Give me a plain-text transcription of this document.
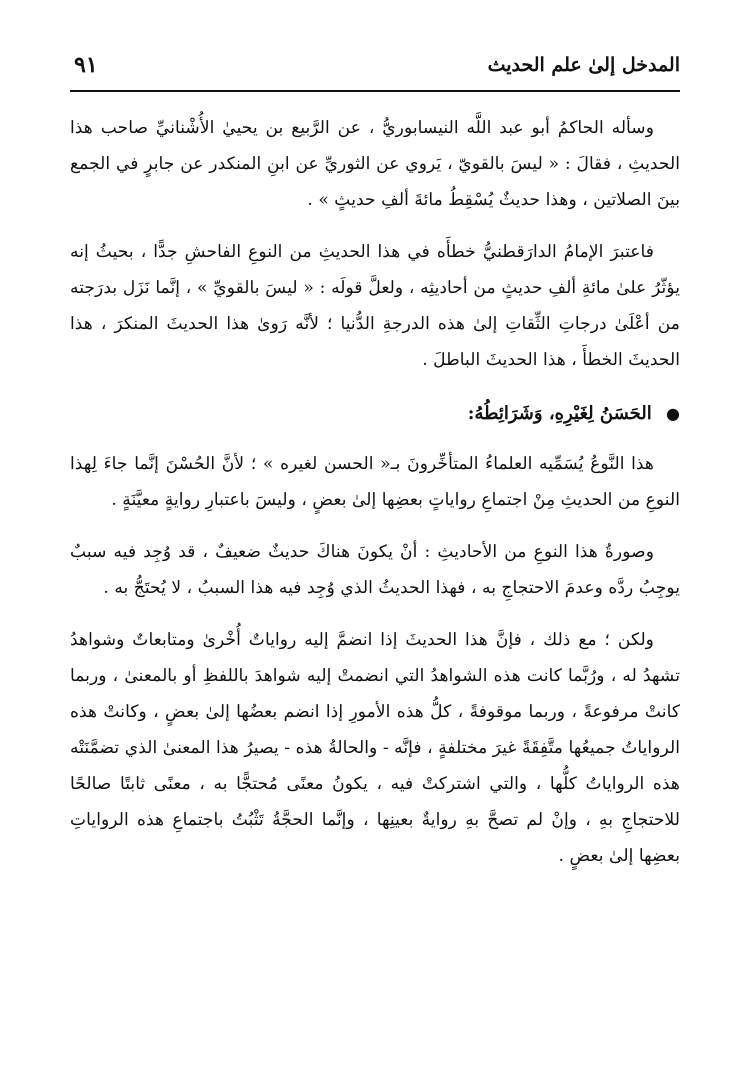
المدخل إلىٰ علم الحديث
٩١

وسأله الحاكمُ أبو عبد اللَّه النيسابوريُّ ، عن الرَّبيع بن يحييٰ الأُشْنانيِّ صاحب هذا الحديثِ ، فقالَ : « ليسَ بالقويّ ، يَروي عن الثوريِّ عن ابنِ المنكدر عن جابرٍ في الجمع بينَ الصلاتين ، وهذا حديثٌ يُسْقِطُ مائةَ ألفِ حديثٍ » .

فاعتبرَ الإمامُ الدارَقطنيُّ خطأَه في هذا الحديثِ من النوعِ الفاحشِ جدًّا ، بحيثُ إنه يؤثّرُ علىٰ مائةِ ألفِ حديثٍ من أحاديثِه ، ولعلَّ قولَه : « ليسَ بالقويِّ » ، إنَّما نَزَل بدرَجته من أعْلَىٰ درجاتِ الثِّقاتِ إلىٰ هذه الدرجةِ الدُّنيا ؛ لأنَّه رَوىٰ هذا الحديثَ المنكرَ ، هذا الحديثَ الخطأَ ، هذا الحديثَ الباطلَ .

● الحَسَنُ لِغَيْرِهِ، وَشَرَائِطُهُ:

هذا النَّوعُ يُسَمِّيه العلماءُ المتأخِّرونَ بـ« الحسن لغيره » ؛ لأنَّ الحُسْنَ إنَّما جاءَ لِهذا النوعِ من الحديثِ مِنْ اجتماعِ رواياتٍ بعضِها إلىٰ بعضٍ ، وليسَ باعتبارِ روايةٍ معيَّنَةٍ .

وصورةُ هذا النوعِ من الأحاديثِ : أنْ يكونَ هناكَ حديثٌ ضعيفٌ ، قد وُجِد فيه سببٌ يوجِبُ ردَّه وعدمَ الاحتجاجِ به ، فهذا الحديثُ الذي وُجِد فيه هذا السببُ ، لا يُحتَجُّ به .

ولكن ؛ مع ذلك ، فإنَّ هذا الحديثَ إذا انضمَّ إليه رواياتٌ أُخْرىٰ ومتابعاتٌ وشواهدُ تشهدُ له ، ورُبَّما كانت هذه الشواهدُ التي انضمتْ إليه شواهدَ باللفظِ أو بالمعنىٰ ، وربما كانتْ مرفوعةً ، وربما موقوفةً ، كلُّ هذه الأمورِ إذا انضم بعضُها إلىٰ بعضٍ ، وكانتْ هذه الرواياتُ جميعُها متَّفِقَةً غيرَ مختلفةٍ ، فإنَّه - والحالةُ هذه - يصيرُ هذا المعنىٰ الذي تضمَّنَتْه هذه الرواياتُ كلُّها ، والتي اشتركتْ فيه ، يكونُ معنًى مُحتجًّا به ، معنًى ثابتًا صالحًا للاحتجاجِ بهِ ، وإنْ لم تصحَّ بهِ روايةٌ بعينِها ، وإنَّما الحجَّةُ تَثْبُتُ باجتماعِ هذه الرواياتِ بعضِها إلىٰ بعضٍ .
